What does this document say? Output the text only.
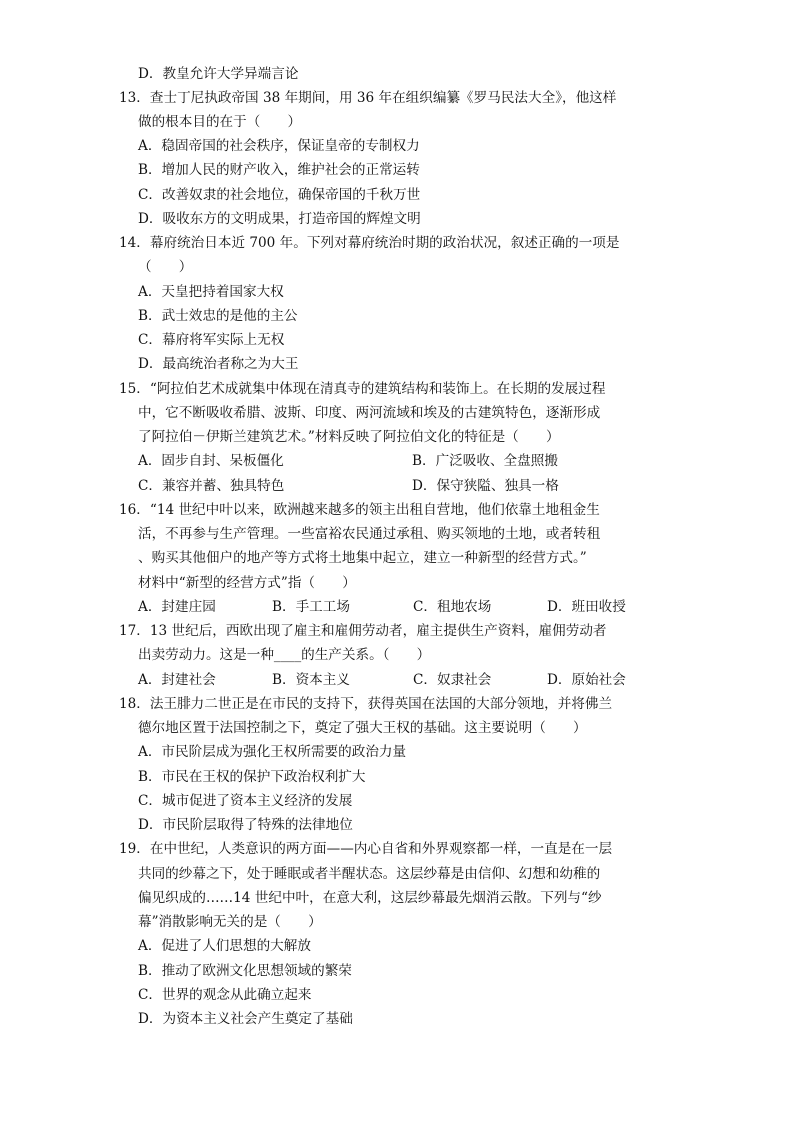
D．教皇允许大学异端言论
13．查士丁尼执政帝国 38 年期间，用 36 年在组织编纂《罗马民法大全》，他这样
做的根本目的在于（　　）
A．稳固帝国的社会秩序，保证皇帝的专制权力
B．增加人民的财产收入，维护社会的正常运转
C．改善奴隶的社会地位，确保帝国的千秋万世
D．吸收东方的文明成果，打造帝国的辉煌文明
14．幕府统治日本近 700 年。下列对幕府统治时期的政治状况，叙述正确的一项是
（　　）
A．天皇把持着国家大权
B．武士效忠的是他的主公
C．幕府将军实际上无权
D．最高统治者称之为大王
15．“阿拉伯艺术成就集中体现在清真寺的建筑结构和装饰上。在长期的发展过程
中，它不断吸收希腊、波斯、印度、两河流域和埃及的古建筑特色，逐渐形成
了阿拉伯－伊斯兰建筑艺术。”材料反映了阿拉伯文化的特征是（　　）
A．固步自封、呆板僵化	B．广泛吸收、全盘照搬
C．兼容并蓄、独具特色	D．保守狭隘、独具一格
16．“14 世纪中叶以来，欧洲越来越多的领主出租自营地，他们依靠土地租金生
活，不再参与生产管理。一些富裕农民通过承租、购买领地的土地，或者转租
、购买其他佃户的地产等方式将土地集中起立，建立一种新型的经营方式。”
材料中“新型的经营方式”指（　　）
A．封建庄园	B．手工工场	C．租地农场	D．班田收授
17．13 世纪后，西欧出现了雇主和雇佣劳动者，雇主提供生产资料，雇佣劳动者
出卖劳动力。这是一种____的生产关系。（　　）
A．封建社会	B．资本主义	C．奴隶社会	D．原始社会
18．法王腓力二世正是在市民的支持下，获得英国在法国的大部分领地，并将佛兰
德尔地区置于法国控制之下，奠定了强大王权的基础。这主要说明（　　）
A．市民阶层成为强化王权所需要的政治力量
B．市民在王权的保护下政治权利扩大
C．城市促进了资本主义经济的发展
D．市民阶层取得了特殊的法律地位
19．在中世纪，人类意识的两方面——内心自省和外界观察都一样，一直是在一层
共同的纱幕之下，处于睡眠或者半醒状态。这层纱幕是由信仰、幻想和幼稚的
偏见织成的……14 世纪中叶，在意大利，这层纱幕最先烟消云散。下列与“纱
幕”消散影响无关的是（　　）
A．促进了人们思想的大解放
B．推动了欧洲文化思想领域的繁荣
C．世界的观念从此确立起来
D．为资本主义社会产生奠定了基础
